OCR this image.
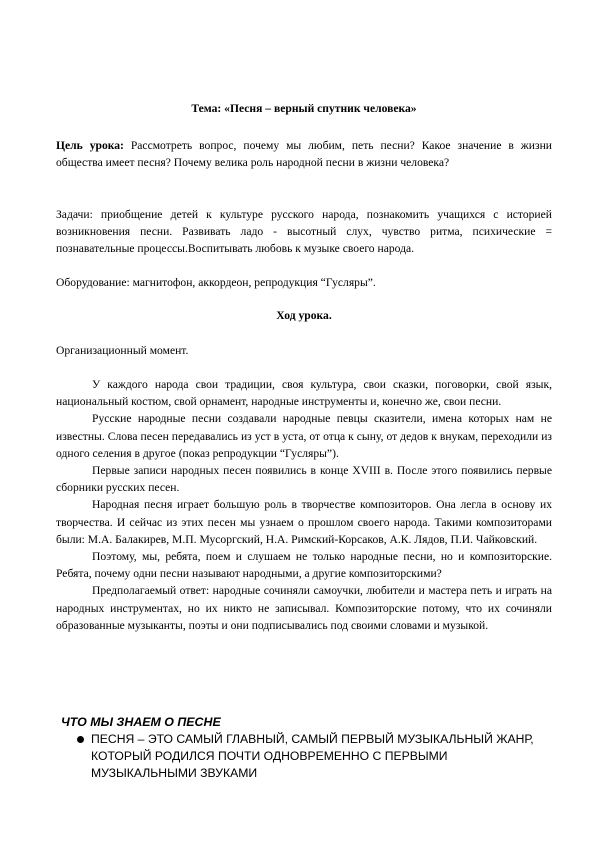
Тема: «Песня – верный спутник человека»

Цель урока: Рассмотреть вопрос, почему мы любим, петь песни? Какое значение в жизни общества имеет песня? Почему велика роль народной песни в жизни человека?

Задачи: приобщение детей к культуре русского народа, познакомить учащихся с историей возникновения песни. Развивать ладо - высотный слух, чувство ритма, психические = познавательные процессы.Воспитывать любовь к музыке своего народа.

Оборудование: магнитофон, аккордеон, репродукция “Гусляры”.

Ход урока.

Организационный момент.

У каждого народа свои традиции, своя культура, свои сказки, поговорки, свой язык, национальный костюм, свой орнамент, народные инструменты и, конечно же, свои песни.

Русские народные песни создавали народные певцы сказители, имена которых нам не известны. Слова песен передавались из уст в уста, от отца к сыну, от дедов к внукам, переходили из одного селения в другое (показ репродукции “Гусляры”).

Первые записи народных песен появились в конце XVIII в. После этого появились первые сборники русских песен.

Народная песня играет большую роль в творчестве композиторов. Она легла в основу их творчества. И сейчас из этих песен мы узнаем о прошлом своего народа. Такими композиторами были: М.А. Балакирев, М.П. Мусоргский, Н.А. Римский-Корсаков, А.К. Лядов, П.И. Чайковский.

Поэтому, мы, ребята, поем и слушаем не только народные песни, но и композиторские. Ребята, почему одни песни называют народными, а другие композиторскими?

Предполагаемый ответ: народные сочиняли самоучки, любители и мастера петь и играть на народных инструментах, но их никто не записывал. Композиторские потому, что их сочиняли образованные музыканты, поэты и они подписывались под своими словами и музыкой.

ЧТО МЫ ЗНАЕМ О ПЕСНЕ

ПЕСНЯ – ЭТО САМЫЙ ГЛАВНЫЙ, САМЫЙ ПЕРВЫЙ МУЗЫКАЛЬНЫЙ ЖАНР, КОТОРЫЙ РОДИЛСЯ ПОЧТИ ОДНОВРЕМЕННО С ПЕРВЫМИ МУЗЫКАЛЬНЫМИ ЗВУКАМИ
